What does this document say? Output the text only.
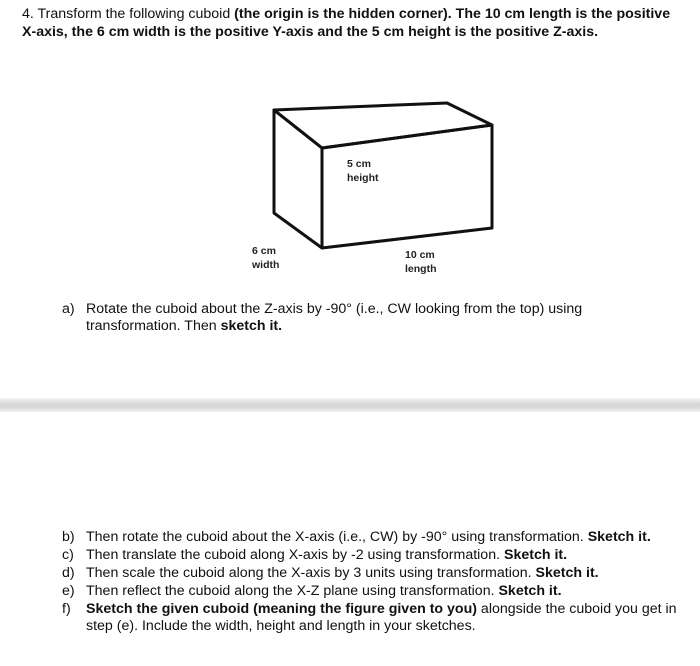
4. Transform the following cuboid (the origin is the hidden corner). The 10 cm length is the positive X-axis, the 6 cm width is the positive Y-axis and the 5 cm height is the positive Z-axis.
5 cm
height
6 cm
width
10 cm
length
a) Rotate the cuboid about the Z-axis by -90° (i.e., CW looking from the top) using transformation. Then sketch it.
b) Then rotate the cuboid about the X-axis (i.e., CW) by -90° using transformation. Sketch it.
c) Then translate the cuboid along X-axis by -2 using transformation. Sketch it.
d) Then scale the cuboid along the X-axis by 3 units using transformation. Sketch it.
e) Then reflect the cuboid along the X-Z plane using transformation. Sketch it.
f) Sketch the given cuboid (meaning the figure given to you) alongside the cuboid you get in step (e). Include the width, height and length in your sketches.
